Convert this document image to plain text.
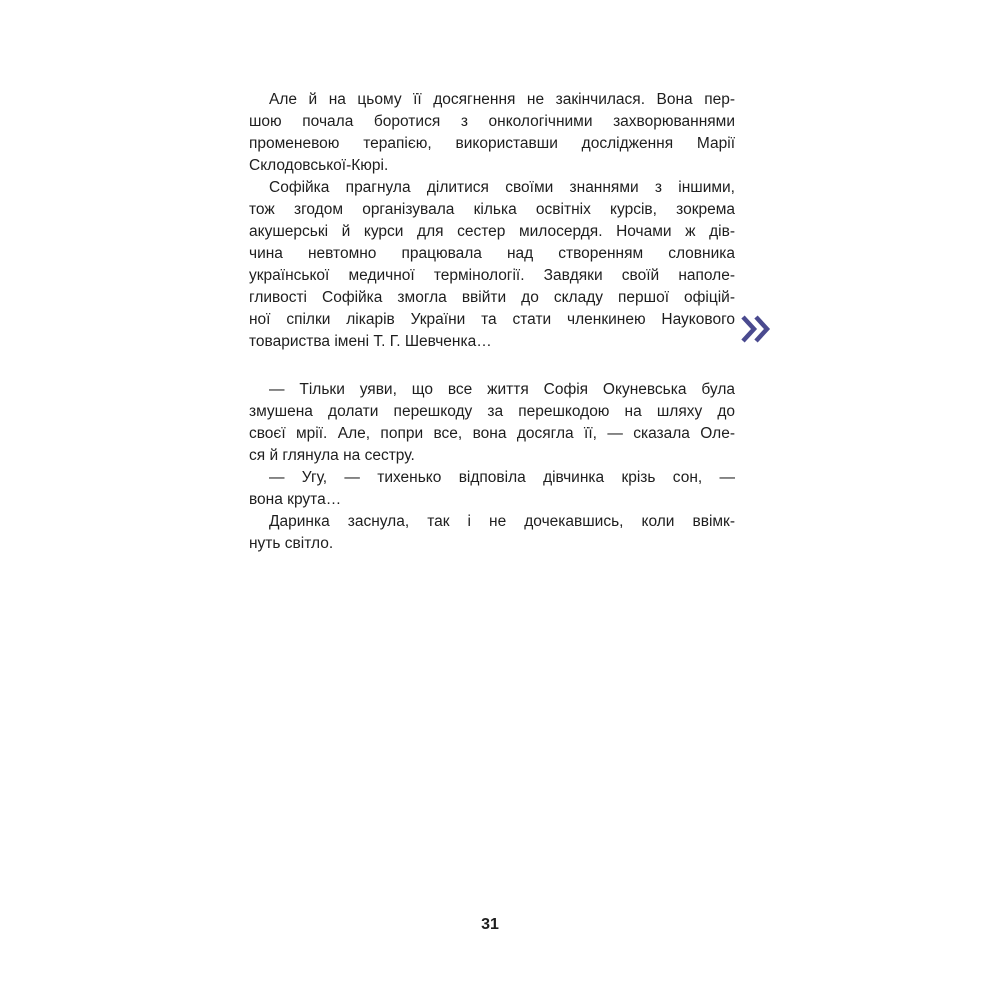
Але й на цьому її досягнення не закінчилася. Вона пер-
шою почала боротися з онкологічними захворюваннями
променевою терапією, використавши дослідження Марії
Склодовської-Кюрі.
Софійка прагнула ділитися своїми знаннями з іншими,
тож згодом організувала кілька освітніх курсів, зокрема
акушерські й курси для сестер милосердя. Ночами ж дів-
чина невтомно працювала над створенням словника
української медичної термінології. Завдяки своїй наполе-
гливості Софійка змогла ввійти до складу першої офіцій-
ної спілки лікарів України та стати членкинею Наукового
товариства імені Т. Г. Шевченка…
— Тільки уяви, що все життя Софія Окуневська була
змушена долати перешкоду за перешкодою на шляху до
своєї мрії. Але, попри все, вона досягла її, — сказала Оле-
ся й глянула на сестру.
— Угу, — тихенько відповіла дівчинка крізь сон, —
вона крута…
Даринка заснула, так і не дочекавшись, коли ввімк-
нуть світло.
31
